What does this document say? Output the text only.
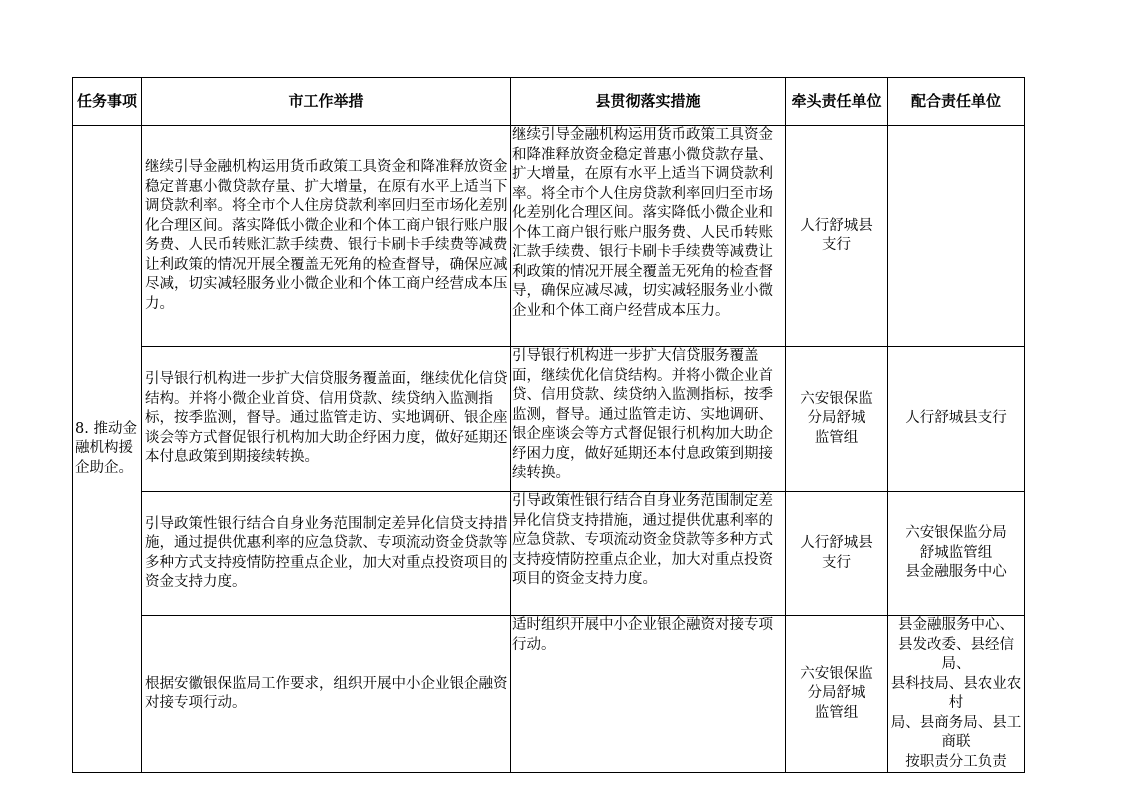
任务事项	市工作举措	县贯彻落实措施	牵头责任单位	配合责任单位
8. 推动金融机构援企助企。	继续引导金融机构运用货币政策工具资金和降准释放资金稳定普惠小微贷款存量、扩大增量，在原有水平上适当下调贷款利率。将全市个人住房贷款利率回归至市场化差别化合理区间。落实降低小微企业和个体工商户银行账户服务费、人民币转账汇款手续费、银行卡刷卡手续费等减费让利政策的情况开展全覆盖无死角的检查督导，确保应减尽减，切实减轻服务业小微企业和个体工商户经营成本压力。	继续引导金融机构运用货币政策工具资金和降准释放资金稳定普惠小微贷款存量、扩大增量，在原有水平上适当下调贷款利率。将全市个人住房贷款利率回归至市场化差别化合理区间。落实降低小微企业和个体工商户银行账户服务费、人民币转账汇款手续费、银行卡刷卡手续费等减费让利政策的情况开展全覆盖无死角的检查督导，确保应减尽减，切实减轻服务业小微企业和个体工商户经营成本压力。	人行舒城县
支行	
	引导银行机构进一步扩大信贷服务覆盖面，继续优化信贷结构。并将小微企业首贷、信用贷款、续贷纳入监测指标，按季监测，督导。通过监管走访、实地调研、银企座谈会等方式督促银行机构加大助企纾困力度，做好延期还本付息政策到期接续转换。	引导银行机构进一步扩大信贷服务覆盖面，继续优化信贷结构。并将小微企业首贷、信用贷款、续贷纳入监测指标，按季监测，督导。通过监管走访、实地调研、银企座谈会等方式督促银行机构加大助企纾困力度，做好延期还本付息政策到期接续转换。	六安银保监
分局舒城
监管组	人行舒城县支行
	引导政策性银行结合自身业务范围制定差异化信贷支持措施，通过提供优惠利率的应急贷款、专项流动资金贷款等多种方式支持疫情防控重点企业，加大对重点投资项目的资金支持力度。	引导政策性银行结合自身业务范围制定差异化信贷支持措施，通过提供优惠利率的应急贷款、专项流动资金贷款等多种方式支持疫情防控重点企业，加大对重点投资项目的资金支持力度。	人行舒城县
支行	六安银保监分局
舒城监管组
县金融服务中心
	根据安徽银保监局工作要求，组织开展中小企业银企融资对接专项行动。	适时组织开展中小企业银企融资对接专项行动。	六安银保监
分局舒城
监管组	县金融服务中心、
县发改委、县经信局、
县科技局、县农业农村
局、县商务局、县工商联
按职责分工负责
